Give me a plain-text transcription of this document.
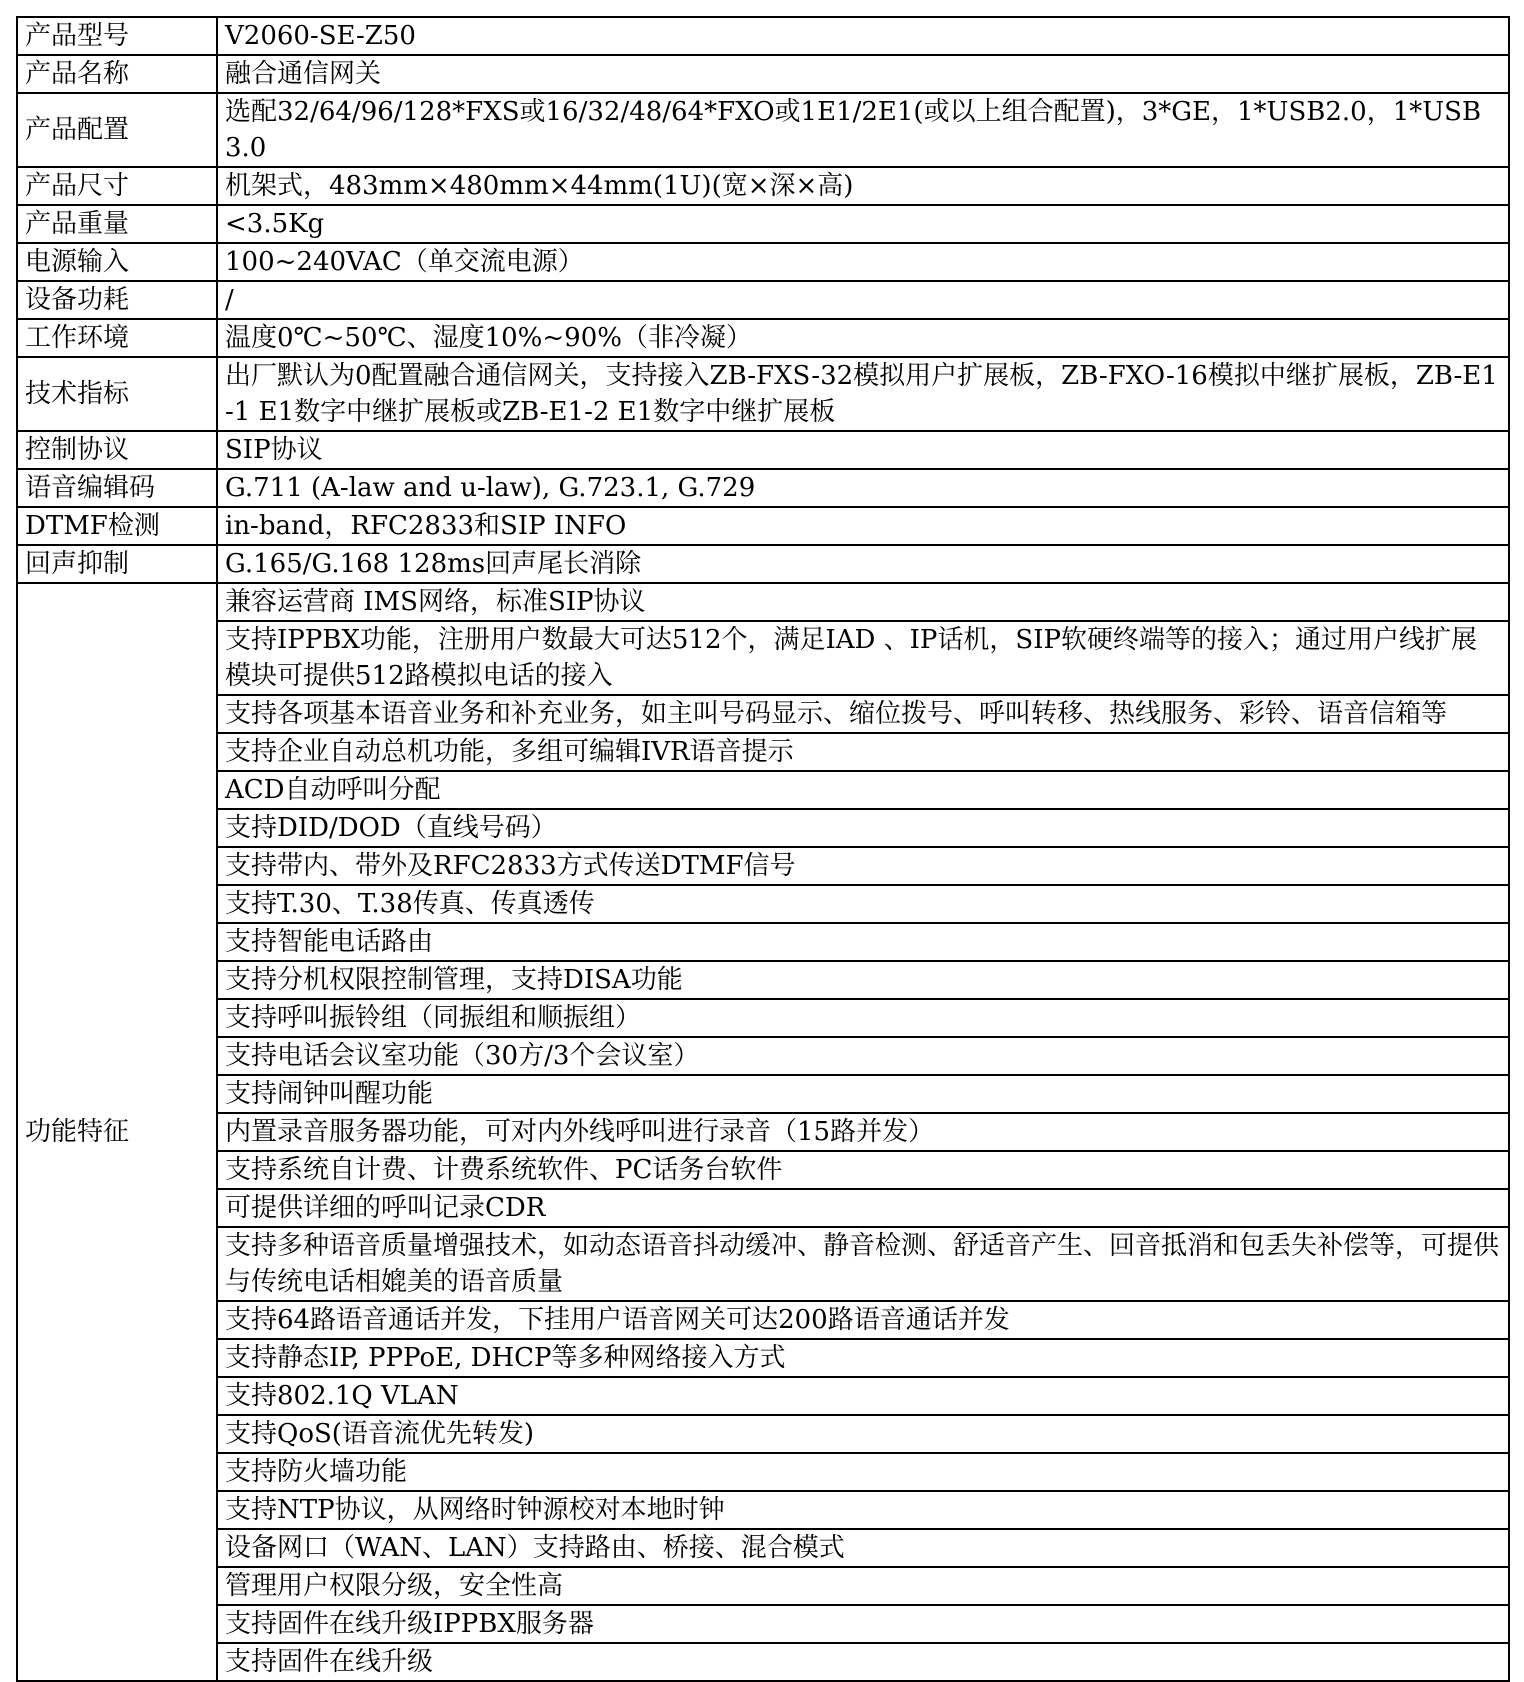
产品型号	V2060-SE-Z50
产品名称	融合通信网关
产品配置	选配32/64/96/128*FXS或16/32/48/64*FXO或1E1/2E1(或以上组合配置)，3*GE，1*USB2.0，1*USB3.0
产品尺寸	机架式，483mm×480mm×44mm(1U)(宽×深×高)
产品重量	<3.5Kg
电源输入	100~240VAC（单交流电源）
设备功耗	/
工作环境	温度0℃~50℃、湿度10%~90%（非冷凝）
技术指标	出厂默认为0配置融合通信网关，支持接入ZB-FXS-32模拟用户扩展板，ZB-FXO-16模拟中继扩展板，ZB-E1-1 E1数字中继扩展板或ZB-E1-2 E1数字中继扩展板
控制协议	SIP协议
语音编辑码	G.711 (A-law and u-law), G.723.1, G.729
DTMF检测	in-band，RFC2833和SIP INFO
回声抑制	G.165/G.168 128ms回声尾长消除
功能特征	兼容运营商 IMS网络，标准SIP协议
	支持IPPBX功能，注册用户数最大可达512个，满足IAD 、IP话机，SIP软硬终端等的接入；通过用户线扩展模块可提供512路模拟电话的接入
	支持各项基本语音业务和补充业务，如主叫号码显示、缩位拨号、呼叫转移、热线服务、彩铃、语音信箱等
	支持企业自动总机功能，多组可编辑IVR语音提示
	ACD自动呼叫分配
	支持DID/DOD（直线号码）
	支持带内、带外及RFC2833方式传送DTMF信号
	支持T.30、T.38传真、传真透传
	支持智能电话路由
	支持分机权限控制管理，支持DISA功能
	支持呼叫振铃组（同振组和顺振组）
	支持电话会议室功能（30方/3个会议室）
	支持闹钟叫醒功能
	内置录音服务器功能，可对内外线呼叫进行录音（15路并发）
	支持系统自计费、计费系统软件、PC话务台软件
	可提供详细的呼叫记录CDR
	支持多种语音质量增强技术，如动态语音抖动缓冲、静音检测、舒适音产生、回音抵消和包丢失补偿等，可提供与传统电话相媲美的语音质量
	支持64路语音通话并发，下挂用户语音网关可达200路语音通话并发
	支持静态IP, PPPoE, DHCP等多种网络接入方式
	支持802.1Q VLAN
	支持QoS(语音流优先转发)
	支持防火墙功能
	支持NTP协议，从网络时钟源校对本地时钟
	设备网口（WAN、LAN）支持路由、桥接、混合模式
	管理用户权限分级，安全性高
	支持固件在线升级IPPBX服务器
	支持固件在线升级
